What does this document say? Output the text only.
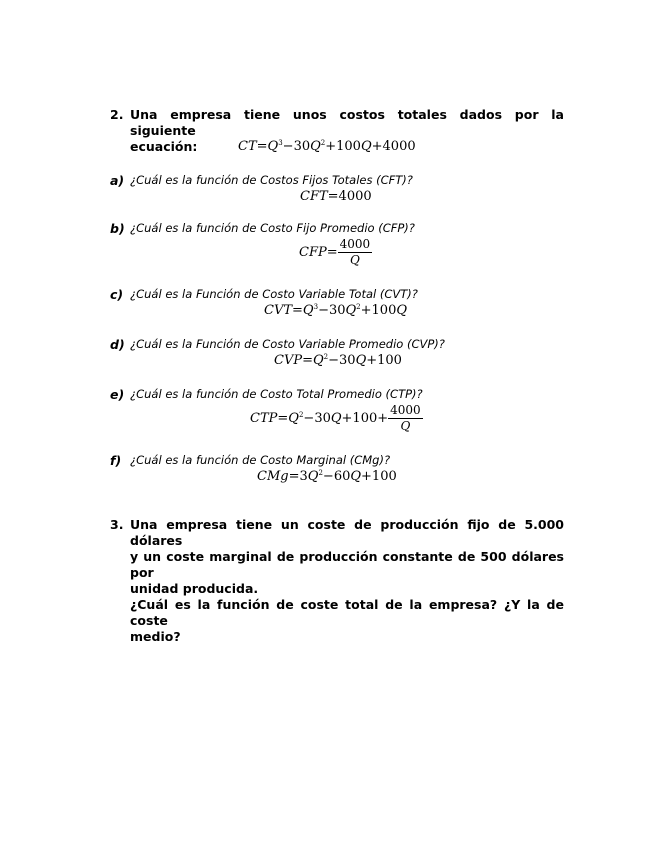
2. Una empresa tiene unos costos totales dados por la siguiente
ecuación:	$CT=Q^3-30Q^2+100Q+4000$
a) ¿Cuál es la función de Costos Fijos Totales (CFT)?
CFT=4000
b) ¿Cuál es la función de Costo Fijo Promedio (CFP)?
$CFP= \frac{4000}{Q}$
c) ¿Cuál es la Función de Costo Variable Total (CVT)?
$CVT=Q^3-30Q^2+100Q$
d) ¿Cuál es la Función de Costo Variable Promedio (CVP)?
$CVP=Q^2-30Q+100$
e) ¿Cuál es la función de Costo Total Promedio (CTP)?
$CTP=Q^2-30Q+100+ \frac{4000}{Q}$
f) ¿Cuál es la función de Costo Marginal (CMg)?
$CMg=3Q^2-60Q+100$
3. Una empresa tiene un coste de producción fijo de 5.000 dólares
y un coste marginal de producción constante de 500 dólares por
unidad producida.
¿Cuál es la función de coste total de la empresa? ¿Y la de coste
medio?
